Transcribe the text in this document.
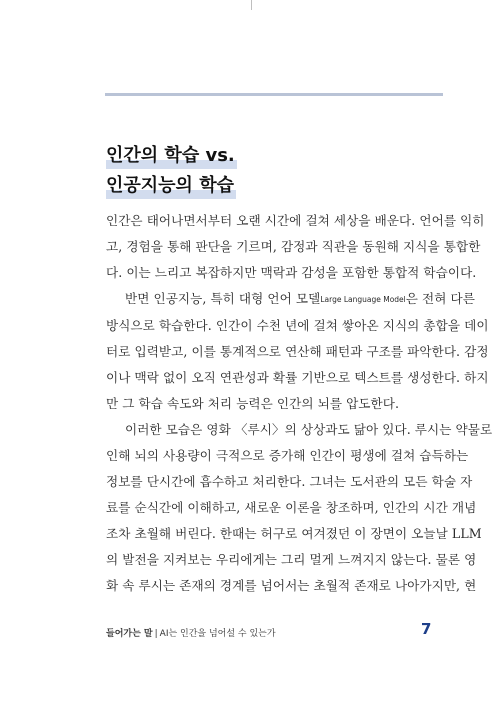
인간의 학습 vs.
인공지능의 학습

인간은 태어나면서부터 오랜 시간에 걸쳐 세상을 배운다. 언어를 익히
고, 경험을 통해 판단을 기르며, 감정과 직관을 동원해 지식을 통합한
다. 이는 느리고 복잡하지만 맥락과 감성을 포함한 통합적 학습이다.

반면 인공지능, 특히 대형 언어 모델Large Language Model은 전혀 다른
방식으로 학습한다. 인간이 수천 년에 걸쳐 쌓아온 지식의 총합을 데이
터로 입력받고, 이를 통계적으로 연산해 패턴과 구조를 파악한다. 감정
이나 맥락 없이 오직 연관성과 확률 기반으로 텍스트를 생성한다. 하지
만 그 학습 속도와 처리 능력은 인간의 뇌를 압도한다.

이러한 모습은 영화 〈루시〉의 상상과도 닮아 있다. 루시는 약물로
인해 뇌의 사용량이 극적으로 증가해 인간이 평생에 걸쳐 습득하는
정보를 단시간에 흡수하고 처리한다. 그녀는 도서관의 모든 학술 자
료를 순식간에 이해하고, 새로운 이론을 창조하며, 인간의 시간 개념
조차 초월해 버린다. 한때는 허구로 여겨졌던 이 장면이 오늘날 LLM
의 발전을 지켜보는 우리에게는 그리 멀게 느껴지지 않는다. 물론 영
화 속 루시는 존재의 경계를 넘어서는 초월적 존재로 나아가지만, 현

들어가는 말 | AI는 인간을 넘어설 수 있는가	7
